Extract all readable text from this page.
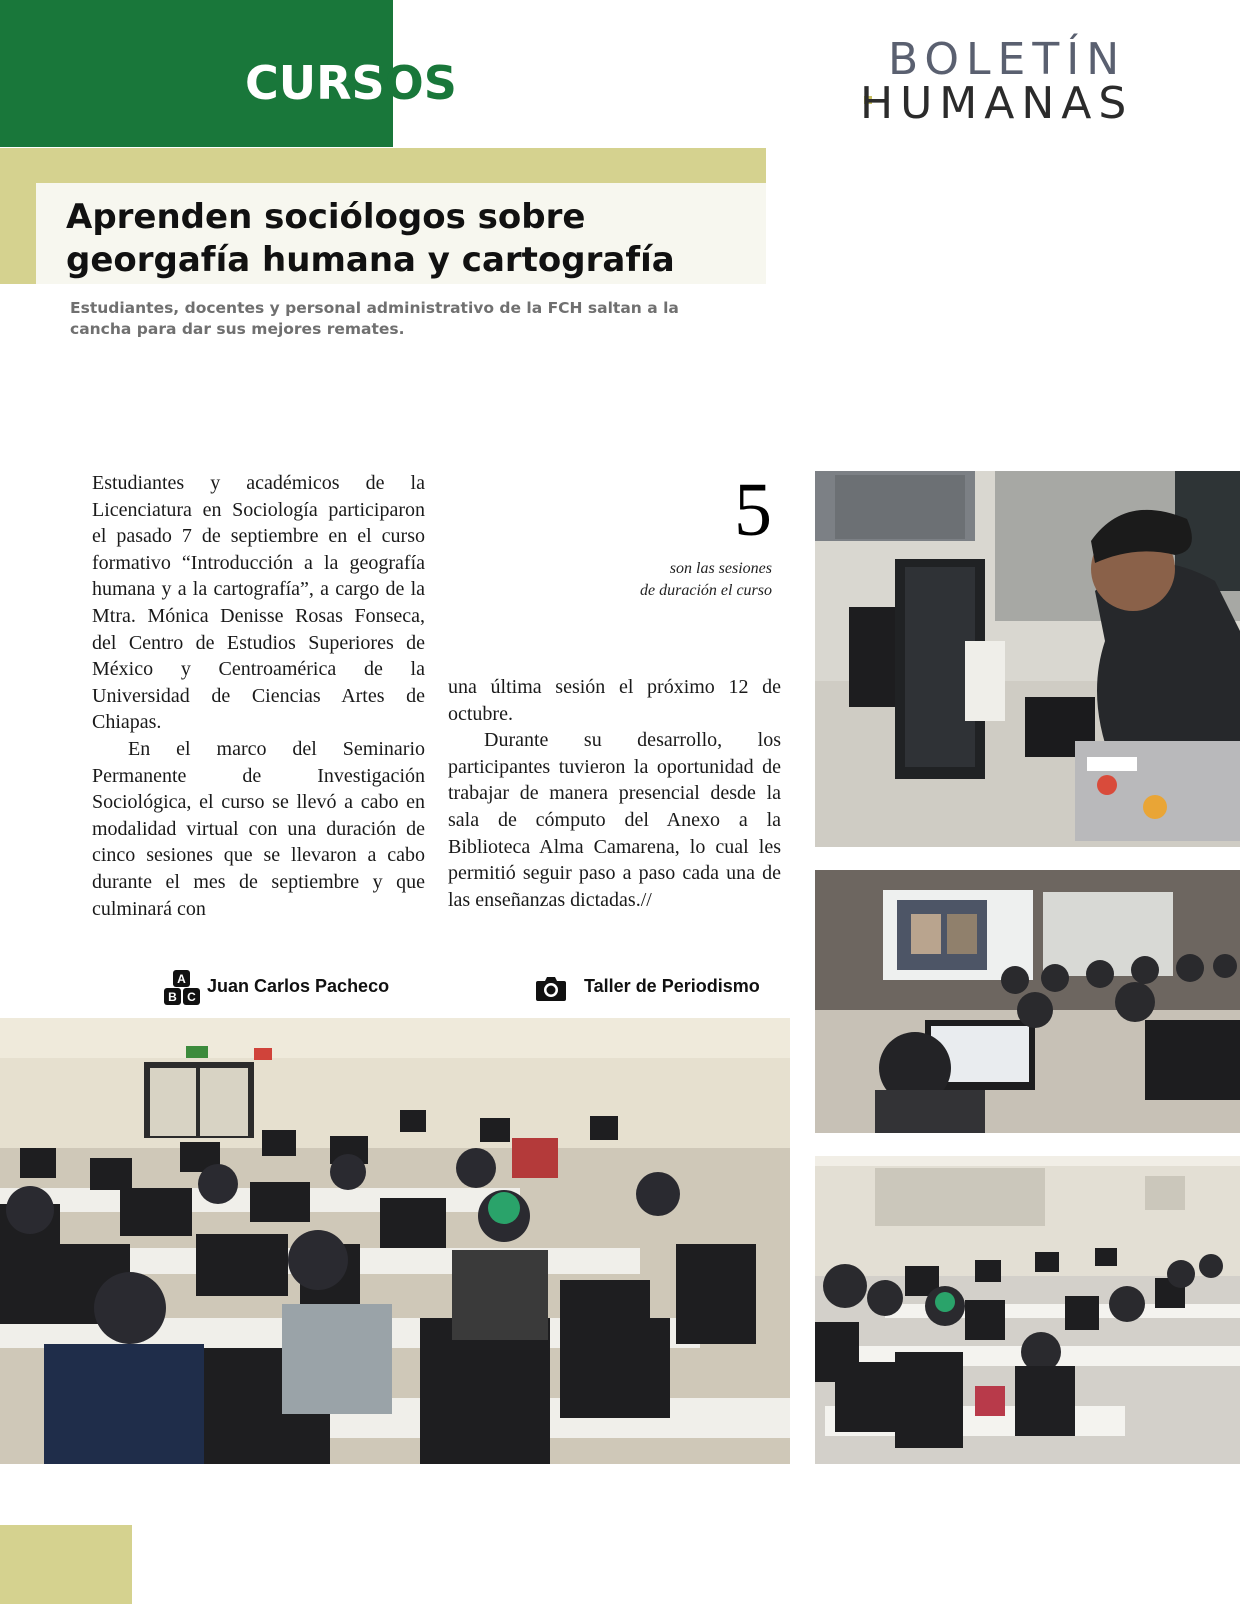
CURSOS	BOLETÍN
HUMANAS
Aprenden sociólogos sobre georgafía humana y cartografía

Estudiantes, docentes y personal administrativo de la FCH saltan a la cancha para dar sus mejores remates.

Estudiantes y académicos de la Licenciatura en Sociología participaron el pasado 7 de septiembre en el curso formativo “Introducción a la geografía humana y a la cartografía”, a cargo de la Mtra. Mónica Denisse Rosas Fonseca, del Centro de Estudios Superiores de México y Centroamérica de la Universidad de Ciencias Artes de Chiapas.

En el marco del Seminario Permanente de Investigación Sociológica, el curso se llevó a cabo en modalidad virtual con una duración de cinco sesiones que se llevaron a cabo durante el mes de septiembre y que culminará con

5
son las sesiones
de duración el curso

una última sesión el próximo 12 de octubre.

Durante su desarrollo, los participantes tuvieron la oportunidad de trabajar de manera presencial desde la sala de cómputo del Anexo a la Biblioteca Alma Camarena, lo cual les permitió seguir paso a paso cada una de las enseñanzas dictadas.//

A
B C
Juan Carlos Pacheco	Taller de Periodismo
